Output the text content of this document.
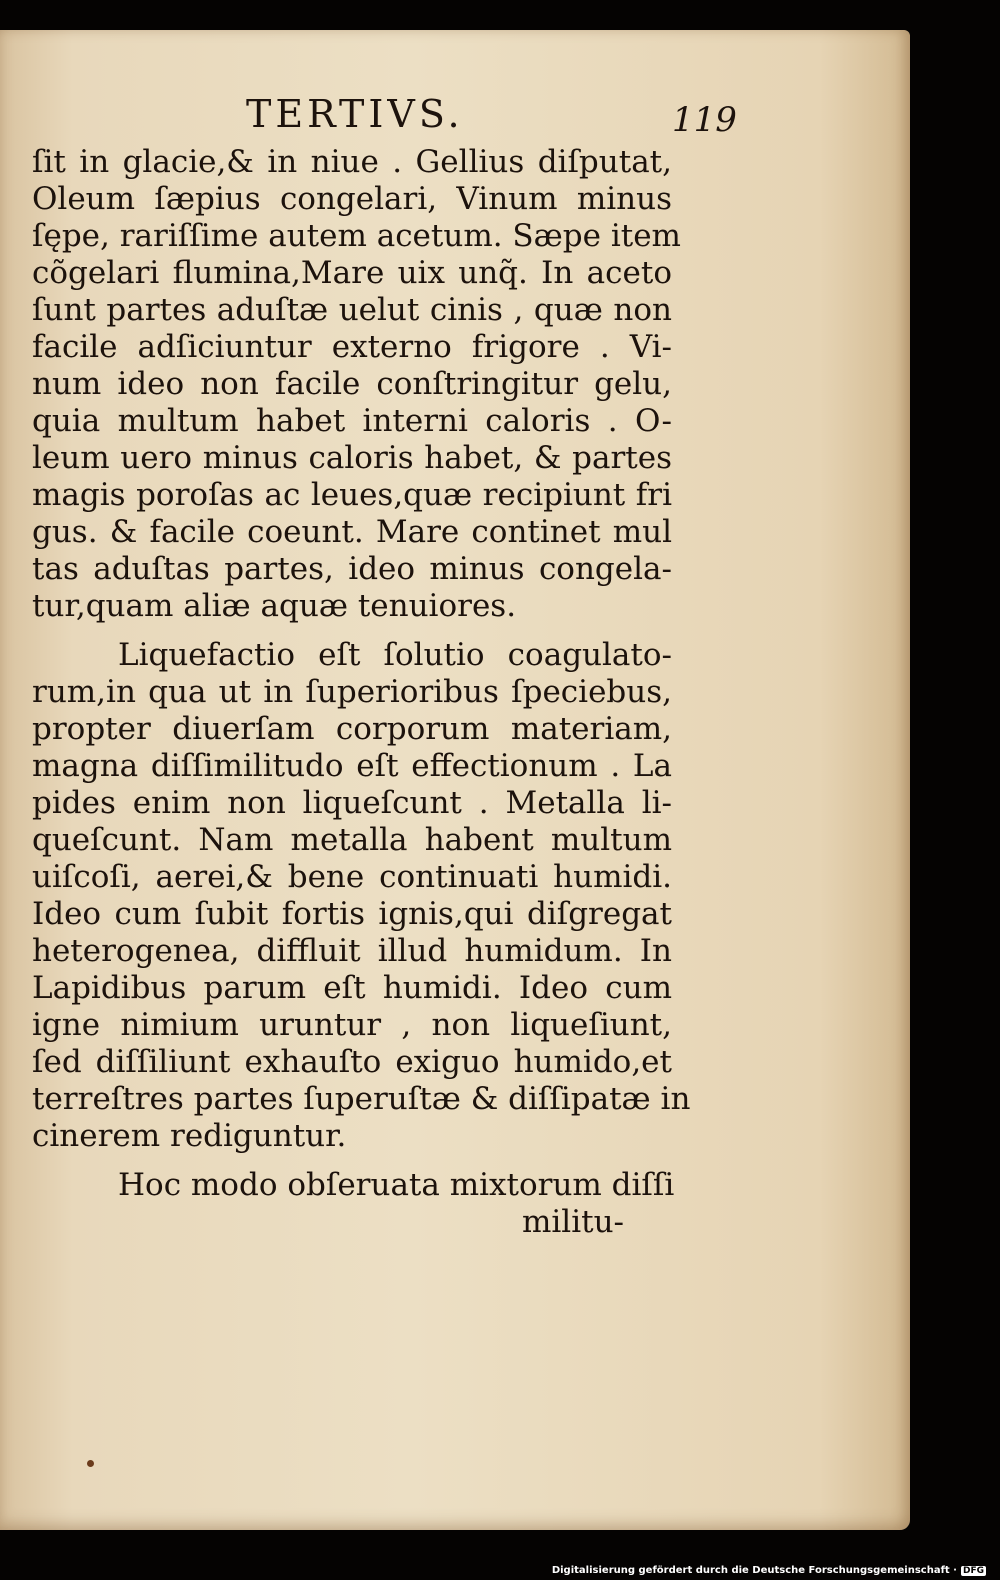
TERTIVS.	119
ſit in glacie,& in niue . Gellius diſputat,
Oleum ſæpius congelari, Vinum minus
ſępe, rariſſime autem acetum. Sæpe item
cõgelari flumina,Mare uix unq̃. In aceto
ſunt partes aduſtæ uelut cinis , quæ non
facile adſiciuntur externo frigore . Vi-
num ideo non facile conſtringitur gelu,
quia multum habet interni caloris . O-
leum uero minus caloris habet, & partes
magis poroſas ac leues,quæ recipiunt fri
gus. & facile coeunt. Mare continet mul
tas aduſtas partes, ideo minus congela-
tur,quam aliæ aquæ tenuiores.
Liquefactio eſt ſolutio coagulato-
rum,in qua ut in ſuperioribus ſpeciebus,
propter diuerſam corporum materiam,
magna diſſimilitudo eſt effectionum . La
pides enim non liqueſcunt . Metalla li-
queſcunt. Nam metalla habent multum
uiſcoſi, aerei,& bene continuati humidi.
Ideo cum ſubit fortis ignis,qui diſgregat
heterogenea, diffluit illud humidum. In
Lapidibus parum eſt humidi. Ideo cum
igne nimium uruntur , non liqueſiunt,
ſed diſſiliunt exhauſto exiguo humido,et
terreſtres partes ſuperuſtæ & diſſipatæ in
cinerem rediguntur.
Hoc modo obſeruata mixtorum diſſi
militu-
Digitalisierung gefördert durch die Deutsche Forschungsgemeinschaft · DFG
